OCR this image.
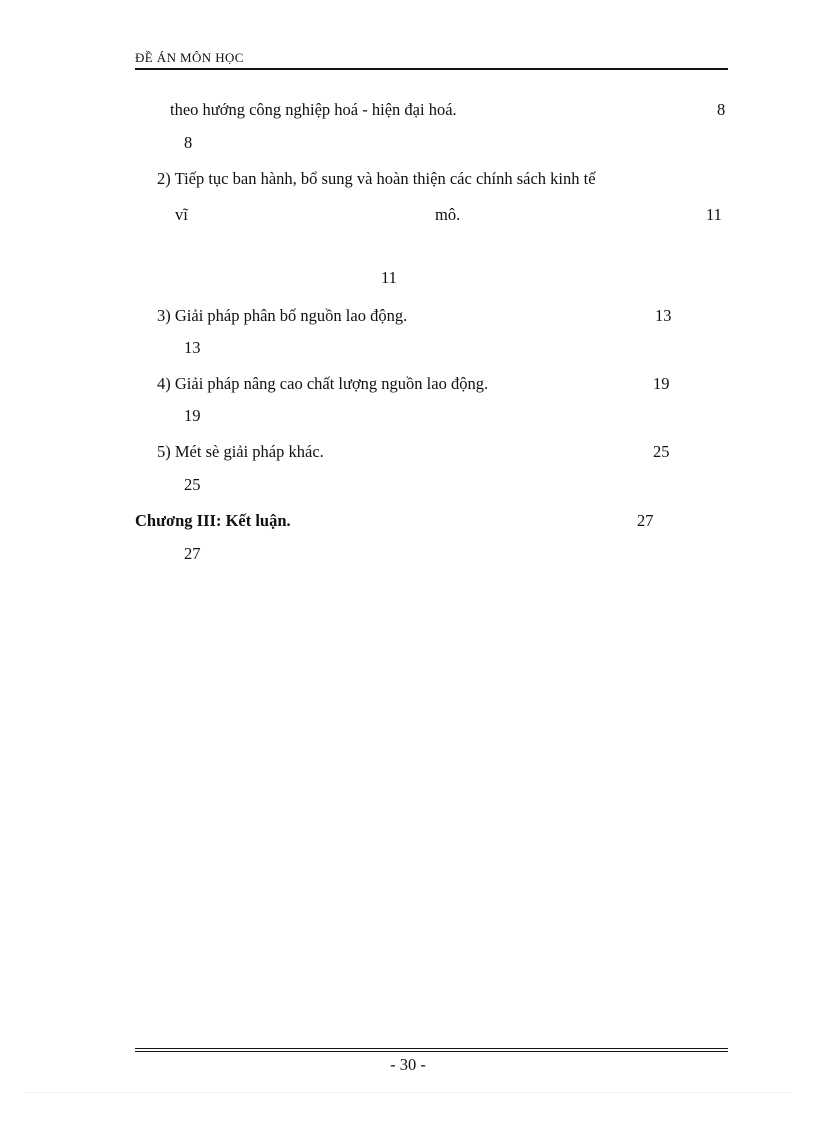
ĐỀ ÁN MÔN HỌC
theo hướng công nghiệp hoá - hiện đại hoá.	8
8
2) Tiếp tục ban hành, bổ sung và hoàn thiện các chính sách kinh tế
vĩ	mô.	11
11
3) Giải pháp phân bố nguồn lao động.	13
13
4) Giải pháp nâng cao chất lượng nguồn lao động.	19
19
5) Mét sè giải pháp khác.	25
25
Chương III: Kết luận.	27
27
- 30 -
